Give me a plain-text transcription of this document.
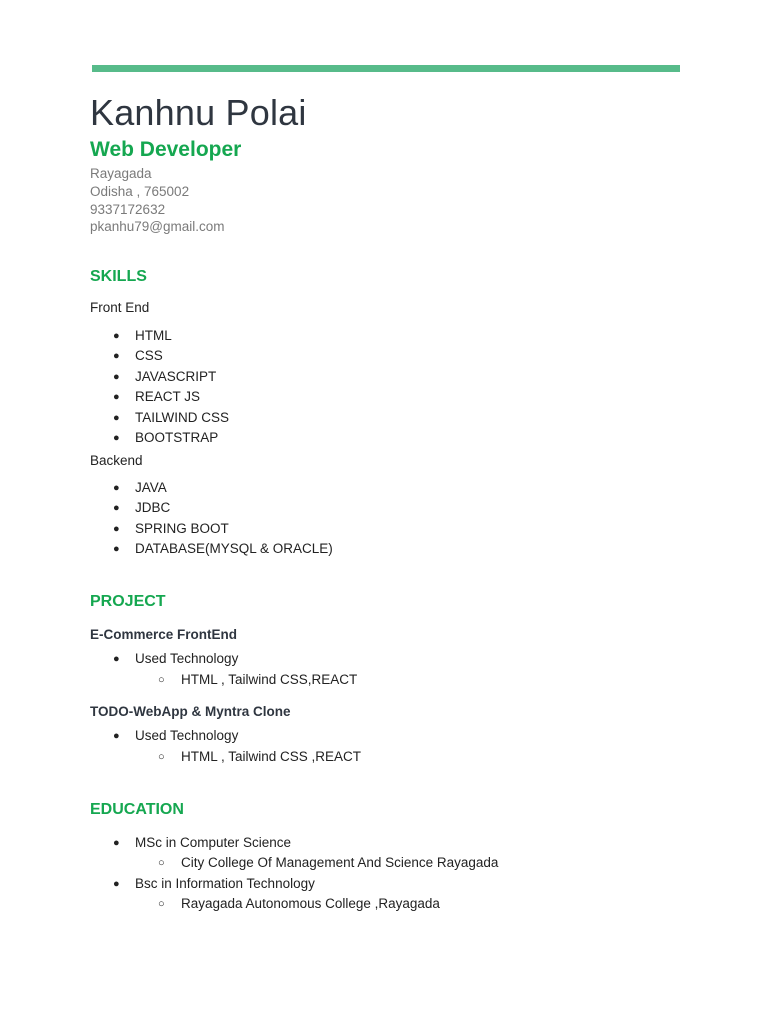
Kanhnu Polai
Web Developer
Rayagada
Odisha , 765002
9337172632
pkanhu79@gmail.com
SKILLS
Front End
● HTML
● CSS
● JAVASCRIPT
● REACT JS
● TAILWIND CSS
● BOOTSTRAP
Backend
● JAVA
● JDBC
● SPRING BOOT
● DATABASE(MYSQL & ORACLE)
PROJECT
E-Commerce FrontEnd
● Used Technology
○ HTML , Tailwind CSS,REACT
TODO-WebApp & Myntra Clone
● Used Technology
○ HTML , Tailwind CSS ,REACT
EDUCATION
● MSc in Computer Science
○ City College Of Management And Science Rayagada
● Bsc in Information Technology
○ Rayagada Autonomous College ,Rayagada
